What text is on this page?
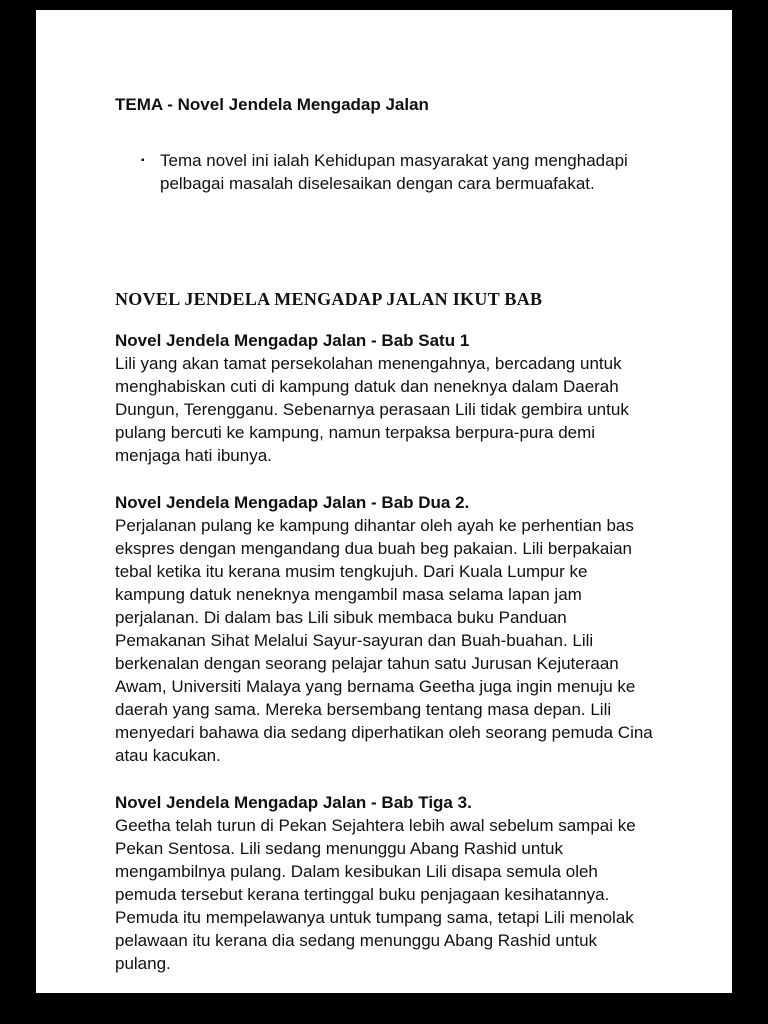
TEMA - Novel Jendela Mengadap Jalan
▪ Tema novel ini ialah Kehidupan masyarakat yang menghadapi pelbagai masalah diselesaikan dengan cara bermuafakat.
NOVEL JENDELA MENGADAP JALAN IKUT BAB
Novel Jendela Mengadap Jalan - Bab Satu 1
Lili yang akan tamat persekolahan menengahnya, bercadang untuk menghabiskan cuti di kampung datuk dan neneknya dalam Daerah Dungun, Terengganu. Sebenarnya perasaan Lili tidak gembira untuk pulang bercuti ke kampung, namun terpaksa berpura-pura demi menjaga hati ibunya.
Novel Jendela Mengadap Jalan - Bab Dua 2.
Perjalanan pulang ke kampung dihantar oleh ayah ke perhentian bas ekspres dengan mengandang dua buah beg pakaian. Lili berpakaian tebal ketika itu kerana musim tengkujuh. Dari Kuala Lumpur ke kampung datuk neneknya mengambil masa selama lapan jam perjalanan. Di dalam bas Lili sibuk membaca buku Panduan Pemakanan Sihat Melalui Sayur-sayuran dan Buah-buahan. Lili berkenalan dengan seorang pelajar tahun satu Jurusan Kejuteraan Awam, Universiti Malaya yang bernama Geetha juga ingin menuju ke daerah yang sama. Mereka bersembang tentang masa depan. Lili menyedari bahawa dia sedang diperhatikan oleh seorang pemuda Cina atau kacukan.
Novel Jendela Mengadap Jalan - Bab Tiga 3.
Geetha telah turun di Pekan Sejahtera lebih awal sebelum sampai ke Pekan Sentosa. Lili sedang menunggu Abang Rashid untuk mengambilnya pulang. Dalam kesibukan Lili disapa semula oleh pemuda tersebut kerana tertinggal buku penjagaan kesihatannya. Pemuda itu mempelawanya untuk tumpang sama, tetapi Lili menolak pelawaan itu kerana dia sedang menunggu Abang Rashid untuk pulang.
